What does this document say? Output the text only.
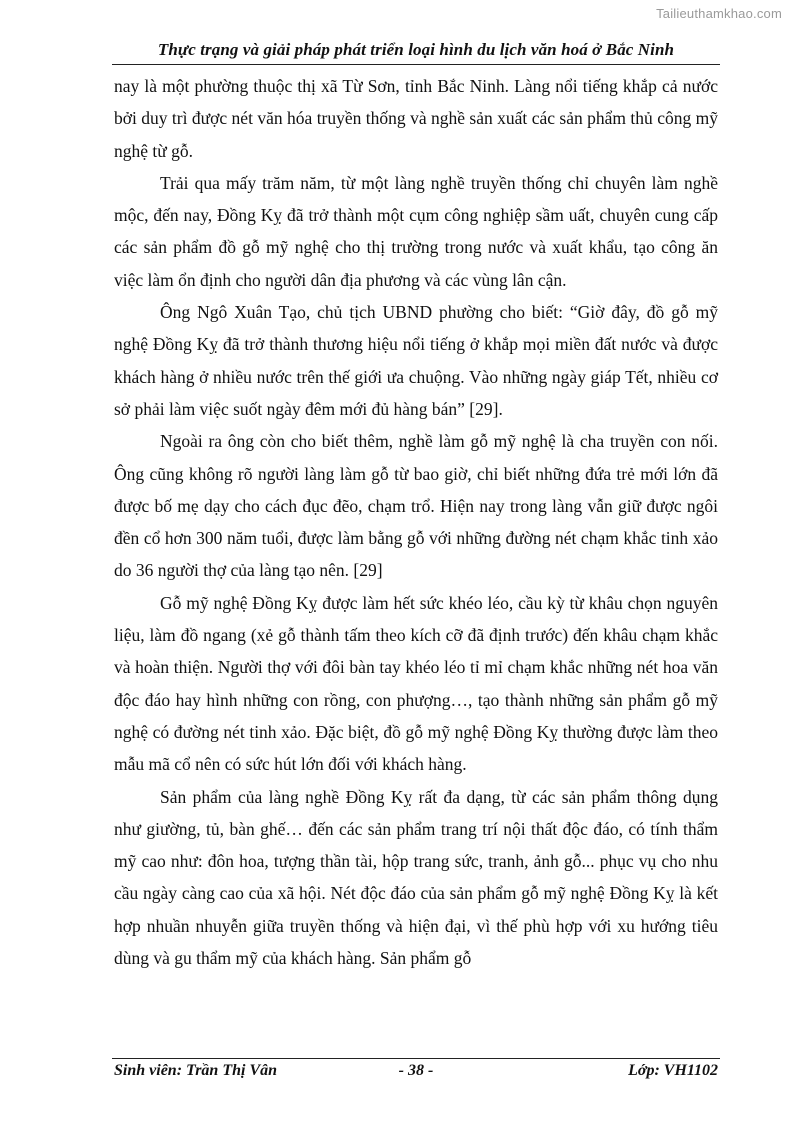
Tailieuthamkhao.com
Thực trạng và giải pháp phát triển loại hình du lịch văn hoá ở Bắc Ninh

nay là một phường thuộc thị xã Từ Sơn, tỉnh Bắc Ninh. Làng nổi tiếng khắp cả nước bởi duy trì được nét văn hóa truyền thống và nghề sản xuất các sản phẩm thủ công mỹ nghệ từ gỗ.

Trải qua mấy trăm năm, từ một làng nghề truyền thống chỉ chuyên làm nghề mộc, đến nay, Đồng Kỵ đã trở thành một cụm công nghiệp sầm uất, chuyên cung cấp các sản phẩm đồ gỗ mỹ nghệ cho thị trường trong nước và xuất khẩu, tạo công ăn việc làm ổn định cho người dân địa phương và các vùng lân cận.

Ông Ngô Xuân Tạo, chủ tịch UBND phường cho biết: “Giờ đây, đồ gỗ mỹ nghệ Đồng Kỵ đã trở thành thương hiệu nổi tiếng ở khắp mọi miền đất nước và được khách hàng ở nhiều nước trên thế giới ưa chuộng. Vào những ngày giáp Tết, nhiều cơ sở phải làm việc suốt ngày đêm mới đủ hàng bán” [29].

Ngoài ra ông còn cho biết thêm, nghề làm gỗ mỹ nghệ là cha truyền con nối. Ông cũng không rõ người làng làm gỗ từ bao giờ, chỉ biết những đứa trẻ mới lớn đã được bố mẹ dạy cho cách đục đẽo, chạm trổ. Hiện nay trong làng vẫn giữ được ngôi đền cổ hơn 300 năm tuổi, được làm bằng gỗ với những đường nét chạm khắc tinh xảo do 36 người thợ của làng tạo nên. [29]

Gỗ mỹ nghệ Đồng Kỵ được làm hết sức khéo léo, cầu kỳ từ khâu chọn nguyên liệu, làm đồ ngang (xẻ gỗ thành tấm theo kích cỡ đã định trước) đến khâu chạm khắc và hoàn thiện. Người thợ với đôi bàn tay khéo léo tỉ mỉ chạm khắc những nét hoa văn độc đáo hay hình những con rồng, con phượng…, tạo thành những sản phẩm gỗ mỹ nghệ có đường nét tinh xảo. Đặc biệt, đồ gỗ mỹ nghệ Đồng Kỵ thường được làm theo mẫu mã cổ nên có sức hút lớn đối với khách hàng.

Sản phẩm của làng nghề Đồng Kỵ rất đa dạng, từ các sản phẩm thông dụng như giường, tủ, bàn ghế… đến các sản phẩm trang trí nội thất độc đáo, có tính thẩm mỹ cao như: đôn hoa, tượng thần tài, hộp trang sức, tranh, ảnh gỗ... phục vụ cho nhu cầu ngày càng cao của xã hội. Nét độc đáo của sản phẩm gỗ mỹ nghệ Đồng Kỵ là kết hợp nhuần nhuyễn giữa truyền thống và hiện đại, vì thế phù hợp với xu hướng tiêu dùng và gu thẩm mỹ của khách hàng. Sản phẩm gỗ

Sinh viên: Trần Thị Vân	- 38 -	Lớp: VH1102
